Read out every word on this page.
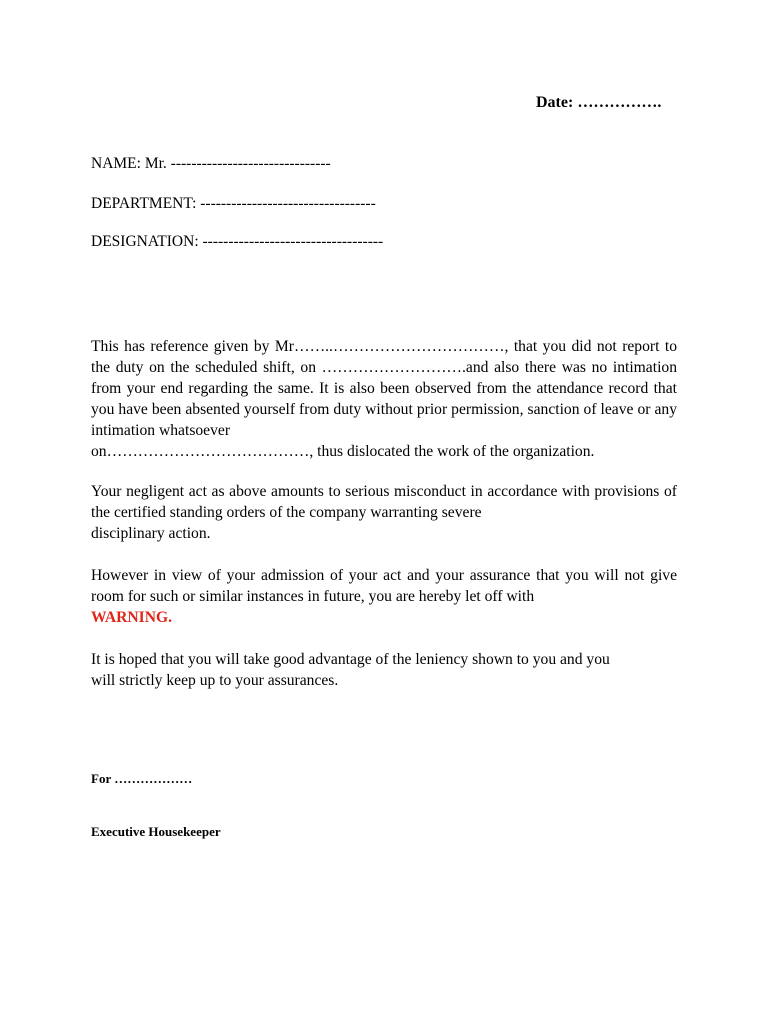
Date: …………….
NAME: Mr. -------------------------------
DEPARTMENT: ----------------------------------
DESIGNATION: -----------------------------------

This has reference given by Mr……..……………………………, that you did not report to the duty on the scheduled shift, on ……………………….and also there was no intimation from your end regarding the same. It is also been observed from the attendance record that you have been absented yourself from duty without prior permission, sanction of leave or any intimation whatsoever
on…………………………………, thus dislocated the work of the organization.

Your negligent act as above amounts to serious misconduct in accordance with provisions of the certified standing orders of the company warranting severe
disciplinary action.

However in view of your admission of your act and your assurance that you will not give room for such or similar instances in future, you are hereby let off with
WARNING.

It is hoped that you will take good advantage of the leniency shown to you and you
will strictly keep up to your assurances.

For ………………
Executive Housekeeper
